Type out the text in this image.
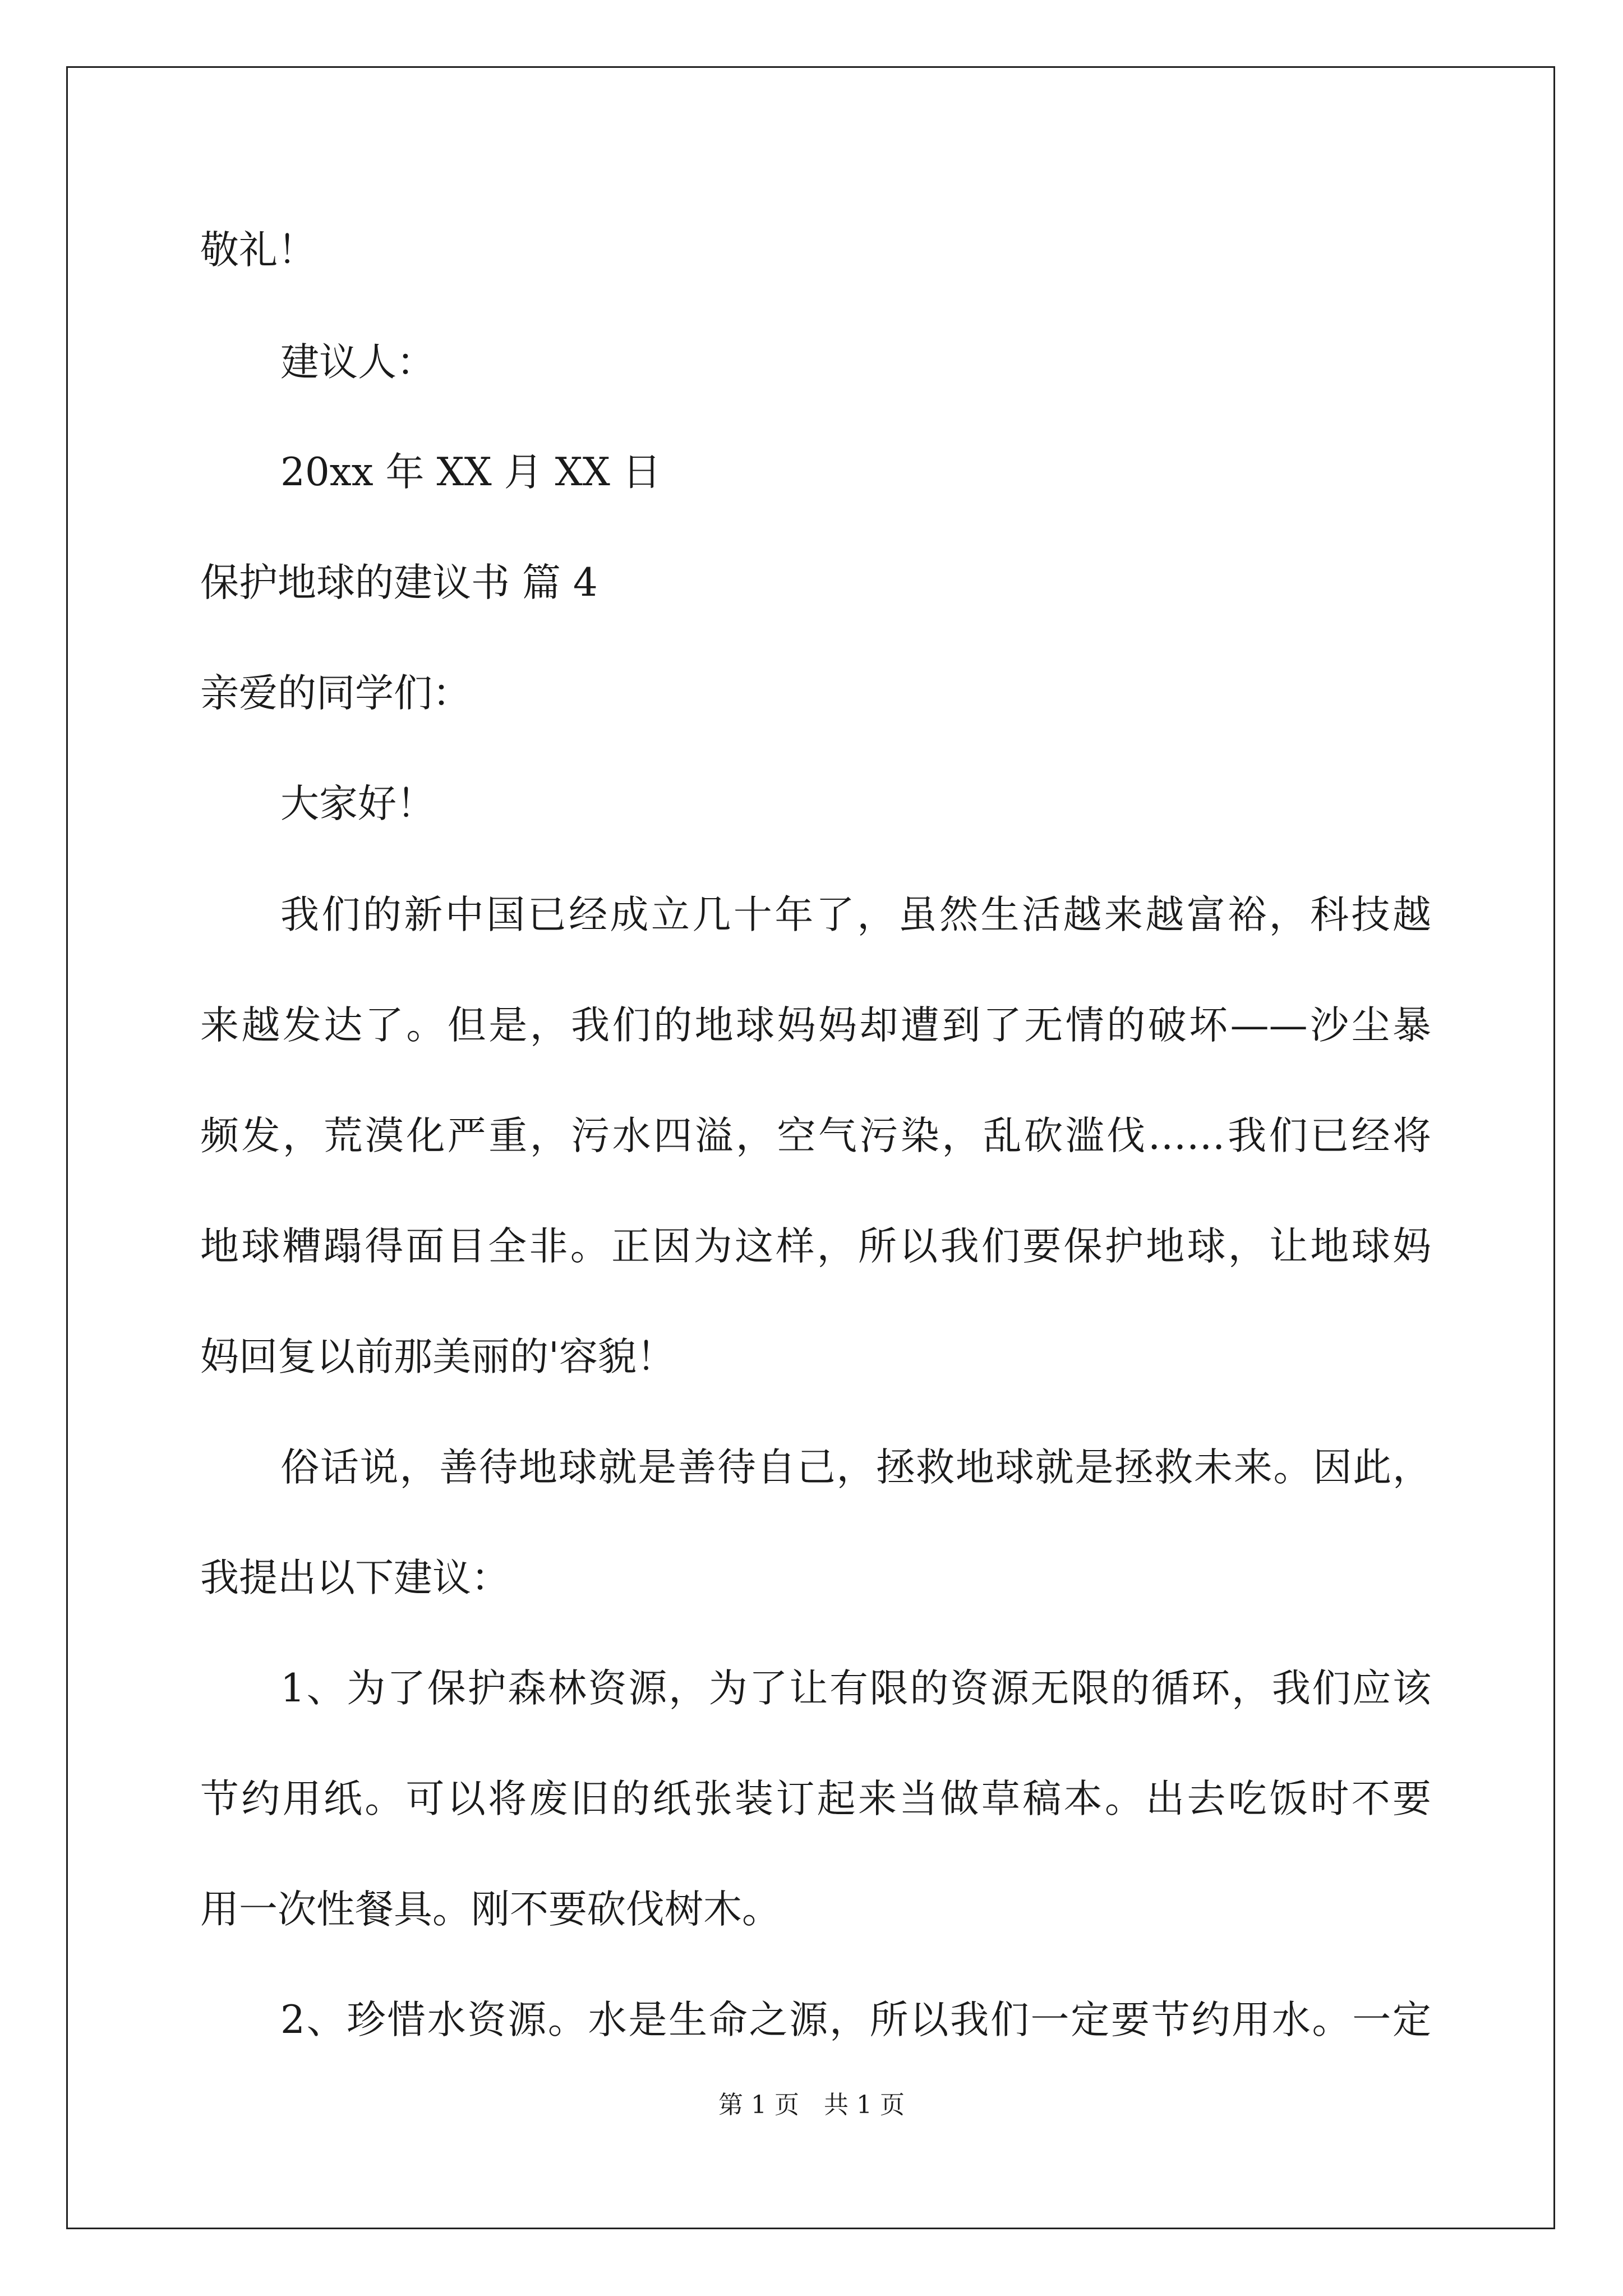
敬礼！
建议人：
20xx 年 XX 月 XX 日
保护地球的建议书 篇 4
亲爱的同学们：
大家好！
我们的新中国已经成立几十年了，虽然生活越来越富裕，科技越
来越发达了。但是，我们的地球妈妈却遭到了无情的破坏——沙尘暴
频发，荒漠化严重，污水四溢，空气污染，乱砍滥伐……我们已经将
地球糟蹋得面目全非。正因为这样，所以我们要保护地球，让地球妈
妈回复以前那美丽的'容貌！
俗话说，善待地球就是善待自己，拯救地球就是拯救未来。因此，
我提出以下建议：
1、为了保护森林资源，为了让有限的资源无限的循环，我们应该
节约用纸。可以将废旧的纸张装订起来当做草稿本。出去吃饭时不要
用一次性餐具。刚不要砍伐树木。
2、珍惜水资源。水是生命之源，所以我们一定要节约用水。一定
第 1 页　共 1 页
